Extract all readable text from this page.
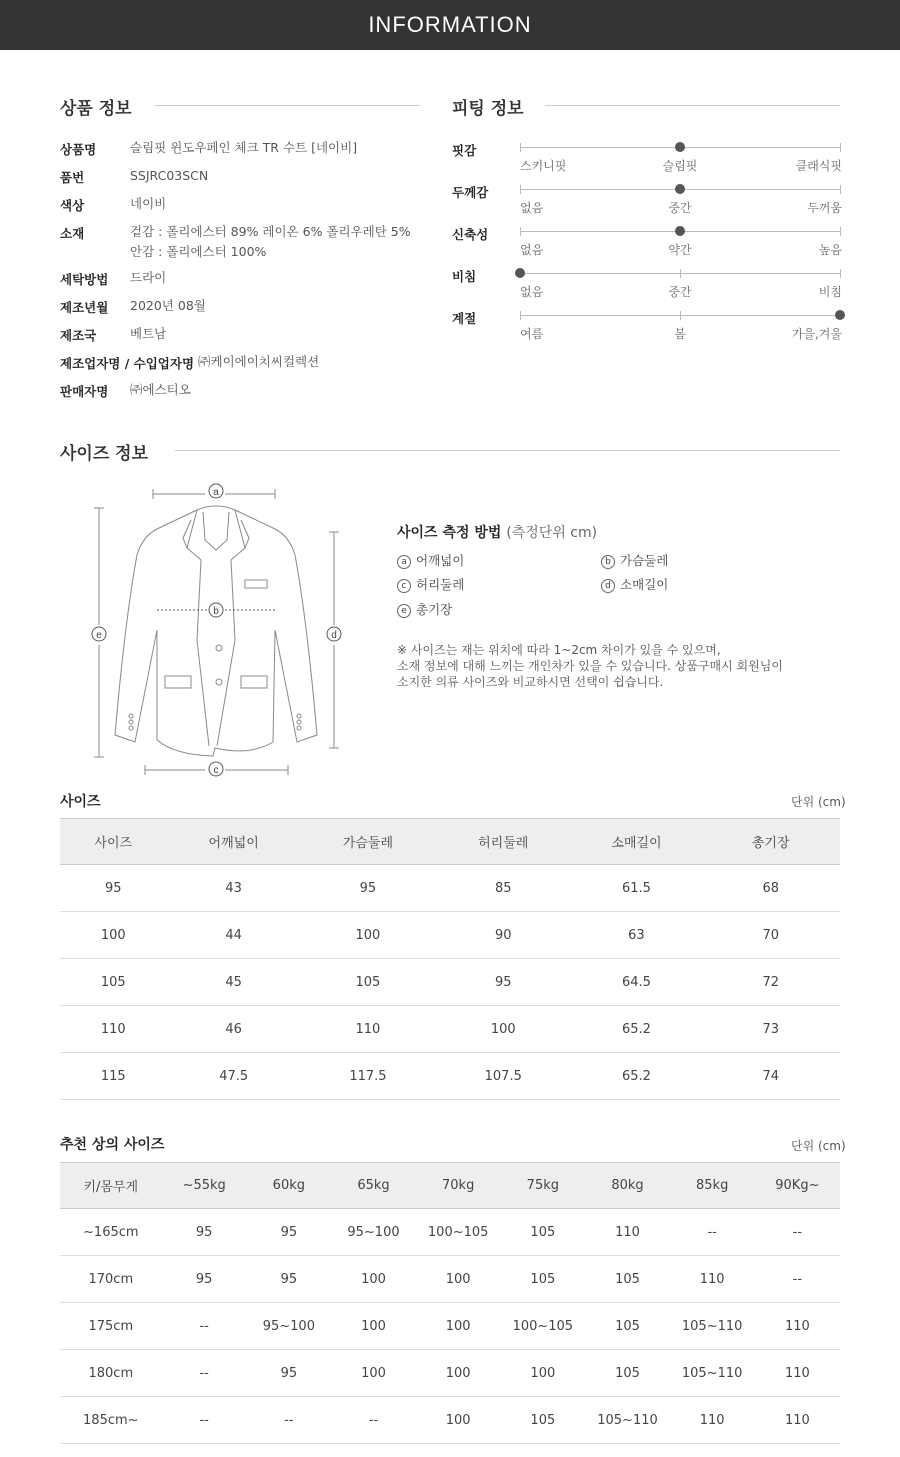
INFORMATION
상품 정보
상품명	슬림핏 윈도우페인 체크 TR 수트 [네이비]
품번	SSJRC03SCN
색상	네이비
소재	겉감 : 폴리에스터 89% 레이온 6% 폴리우레탄 5%
안감 : 폴리에스터 100%
세탁방법 드라이
제조년월 2020년 08월
제조국	베트남
제조업자명 / 수입업자명 ㈜케이에이치씨컬렉션
판매자명 ㈜에스티오
피팅 정보
핏감
스키니핏	슬림핏	클래식핏
두께감
없음	중간	두꺼움
신축성
없음	약간	높음
비침
없음	중간	비침
계절
여름	봄	가을,겨울
사이즈 정보
a
b
c
d
e
사이즈 측정 방법 (측정단위 cm)
a 어깨넓이	b 가슴둘레
c 허리둘레	d 소매길이
e 총기장
※ 사이즈는 재는 위치에 따라 1~2cm 차이가 있을 수 있으며,
소재 정보에 대해 느끼는 개인차가 있을 수 있습니다. 상품구매시 회원님이
소지한 의류 사이즈와 비교하시면 선택이 쉽습니다.
사이즈	단위 (cm)
사이즈	어깨넓이	가슴둘레	허리둘레	소매길이	총기장
95	43	95	85	61.5	68
100	44	100	90	63	70
105	45	105	95	64.5	72
110	46	110	100	65.2	73
115	47.5	117.5	107.5	65.2	74
추천 상의 사이즈	단위 (cm)
키/몸무게	~55kg	60kg	65kg	70kg	75kg	80kg	85kg	90Kg~
~165cm	95	95	95~100	100~105	105	110	--	--
170cm	95	95	100	100	105	105	110	--
175cm	--	95~100	100	100	100~105	105	105~110	110
180cm	--	95	100	100	100	105	105~110	110
185cm~	--	--	--	100	105	105~110	110	110
